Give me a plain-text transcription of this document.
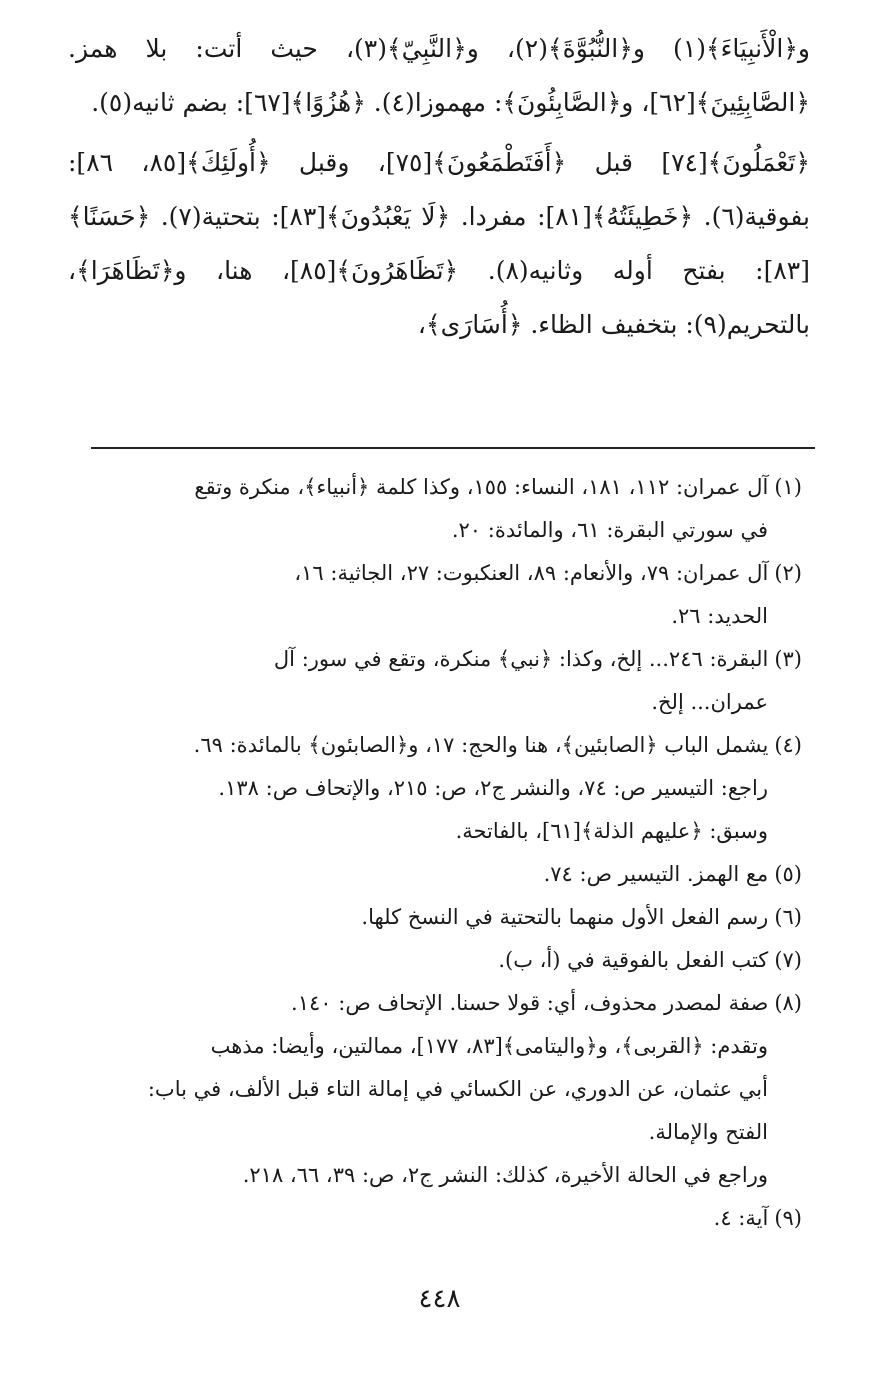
و﴿الْأَنبِيَاءَ﴾(١) و﴿النُّبُوَّةَ﴾(٢)، و﴿النَّبِيّ﴾(٣)، حيث أتت: بلا همز. ﴿الصَّابِئِينَ﴾[٦٢]، و﴿الصَّابِئُونَ﴾: مهموزا(٤). ﴿هُزُوًا﴾[٦٧]: بضم ثانيه(٥).

﴿تَعْمَلُونَ﴾[٧٤] قبل ﴿أَفَتَطْمَعُونَ﴾[٧٥]، وقبل ﴿أُولَئِكَ﴾[٨٥، ٨٦]: بفوقية(٦). ﴿خَطِيئَتُهُ﴾[٨١]: مفردا. ﴿لَا يَعْبُدُونَ﴾[٨٣]: بتحتية(٧). ﴿حَسَنًا﴾[٨٣]: بفتح أوله وثانيه(٨). ﴿تَظَاهَرُونَ﴾[٨٥]، هنا، و﴿تَظَاهَرَا﴾، بالتحريم(٩): بتخفيف الظاء. ﴿أُسَارَى﴾،

(١)آل عمران: ١١٢، ١٨١، النساء: ١٥٥، وكذا كلمة ﴿أنبياء﴾، منكرة وتقع

في سورتي البقرة: ٦١، والمائدة: ٢٠.

(٢)آل عمران: ٧٩، والأنعام: ٨٩، العنكبوت: ٢٧، الجاثية: ١٦،

الحديد: ٢٦.

(٣)البقرة: ٢٤٦... إلخ، وكذا: ﴿نبي﴾ منكرة، وتقع في سور: آل

عمران... إلخ.

(٤)يشمل الباب ﴿الصابئين﴾، هنا والحج: ١٧، و﴿الصابئون﴾ بالمائدة: ٦٩.

راجع: التيسير ص: ٧٤، والنشر ج٢، ص: ٢١٥، والإتحاف ص: ١٣٨.

وسبق: ﴿عليهم الذلة﴾[٦١]، بالفاتحة.

(٥)مع الهمز. التيسير ص: ٧٤.

(٦)رسم الفعل الأول منهما بالتحتية في النسخ كلها.

(٧)كتب الفعل بالفوقية في (أ، ب).

(٨)صفة لمصدر محذوف، أي: قولا حسنا. الإتحاف ص: ١٤٠.

وتقدم: ﴿القربى﴾، و﴿واليتامى﴾[٨٣، ١٧٧]، ممالتين، وأيضا: مذهب

أبي عثمان، عن الدوري، عن الكسائي في إمالة التاء قبل الألف، في باب:

الفتح والإمالة.

وراجع في الحالة الأخيرة، كذلك: النشر ج٢، ص: ٣٩، ٦٦، ٢١٨.

(٩)آية: ٤.

٤٤٨
